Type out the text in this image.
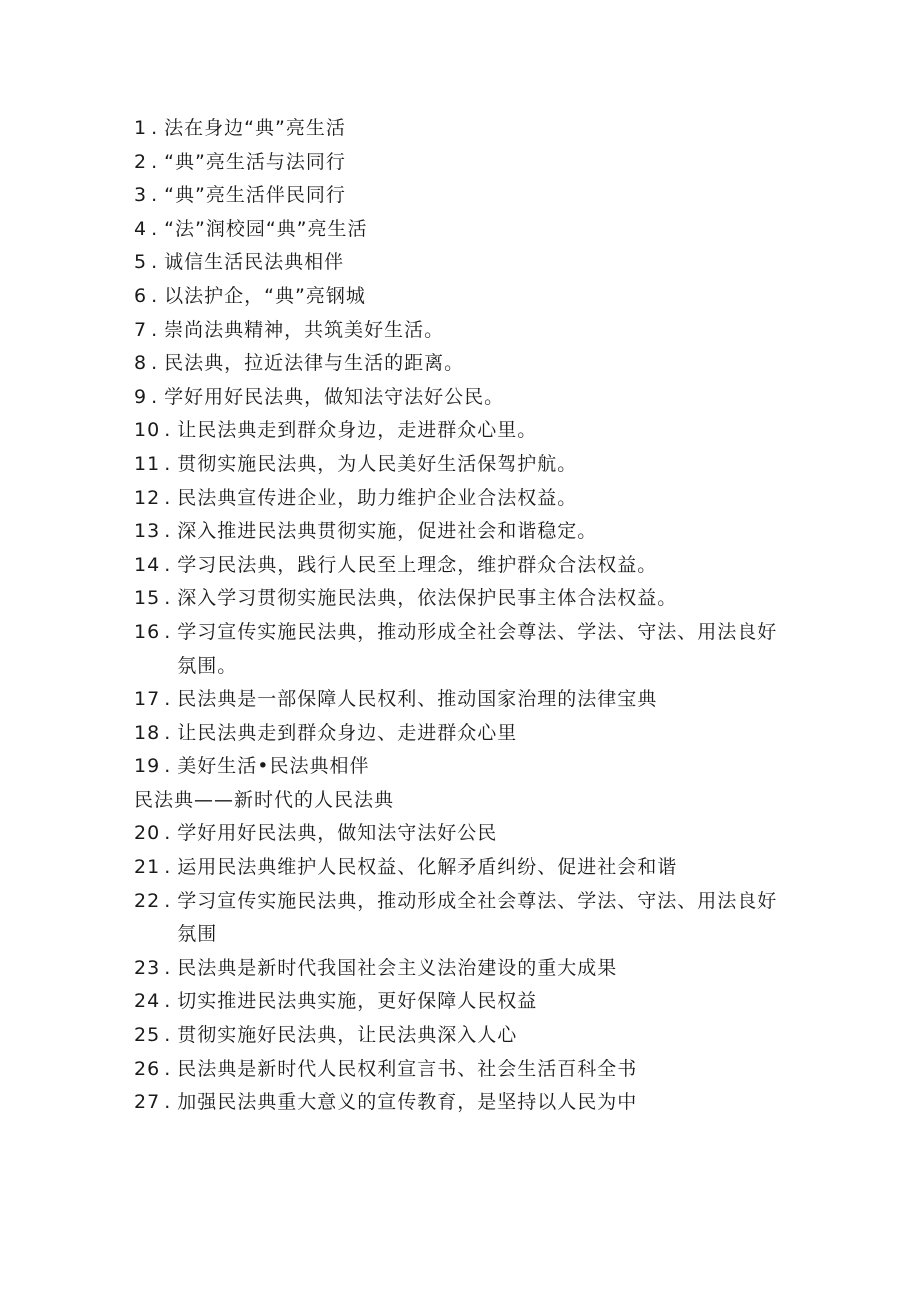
1 . 法在身边“典”亮生活
2 . “典”亮生活与法同行
3 . “典”亮生活伴民同行
4 . “法”润校园“典”亮生活
5 . 诚信生活民法典相伴
6 . 以法护企，“典”亮钢城
7 . 崇尚法典精神，共筑美好生活。
8 . 民法典，拉近法律与生活的距离。
9 . 学好用好民法典，做知法守法好公民。
10 . 让民法典走到群众身边，走进群众心里。
11 . 贯彻实施民法典，为人民美好生活保驾护航。
12 . 民法典宣传进企业，助力维护企业合法权益。
13 . 深入推进民法典贯彻实施，促进社会和谐稳定。
14 . 学习民法典，践行人民至上理念，维护群众合法权益。
15 . 深入学习贯彻实施民法典，依法保护民事主体合法权益。
16 . 学习宣传实施民法典，推动形成全社会尊法、学法、守法、用法良好氛围。
17 . 民法典是一部保障人民权利、推动国家治理的法律宝典
18 . 让民法典走到群众身边、走进群众心里
19 . 美好生活•民法典相伴
民法典——新时代的人民法典
20 . 学好用好民法典，做知法守法好公民
21 . 运用民法典维护人民权益、化解矛盾纠纷、促进社会和谐
22 . 学习宣传实施民法典，推动形成全社会尊法、学法、守法、用法良好氛围
23 . 民法典是新时代我国社会主义法治建设的重大成果
24 . 切实推进民法典实施，更好保障人民权益
25 . 贯彻实施好民法典，让民法典深入人心
26 . 民法典是新时代人民权利宣言书、社会生活百科全书
27 . 加强民法典重大意义的宣传教育，是坚持以人民为中
